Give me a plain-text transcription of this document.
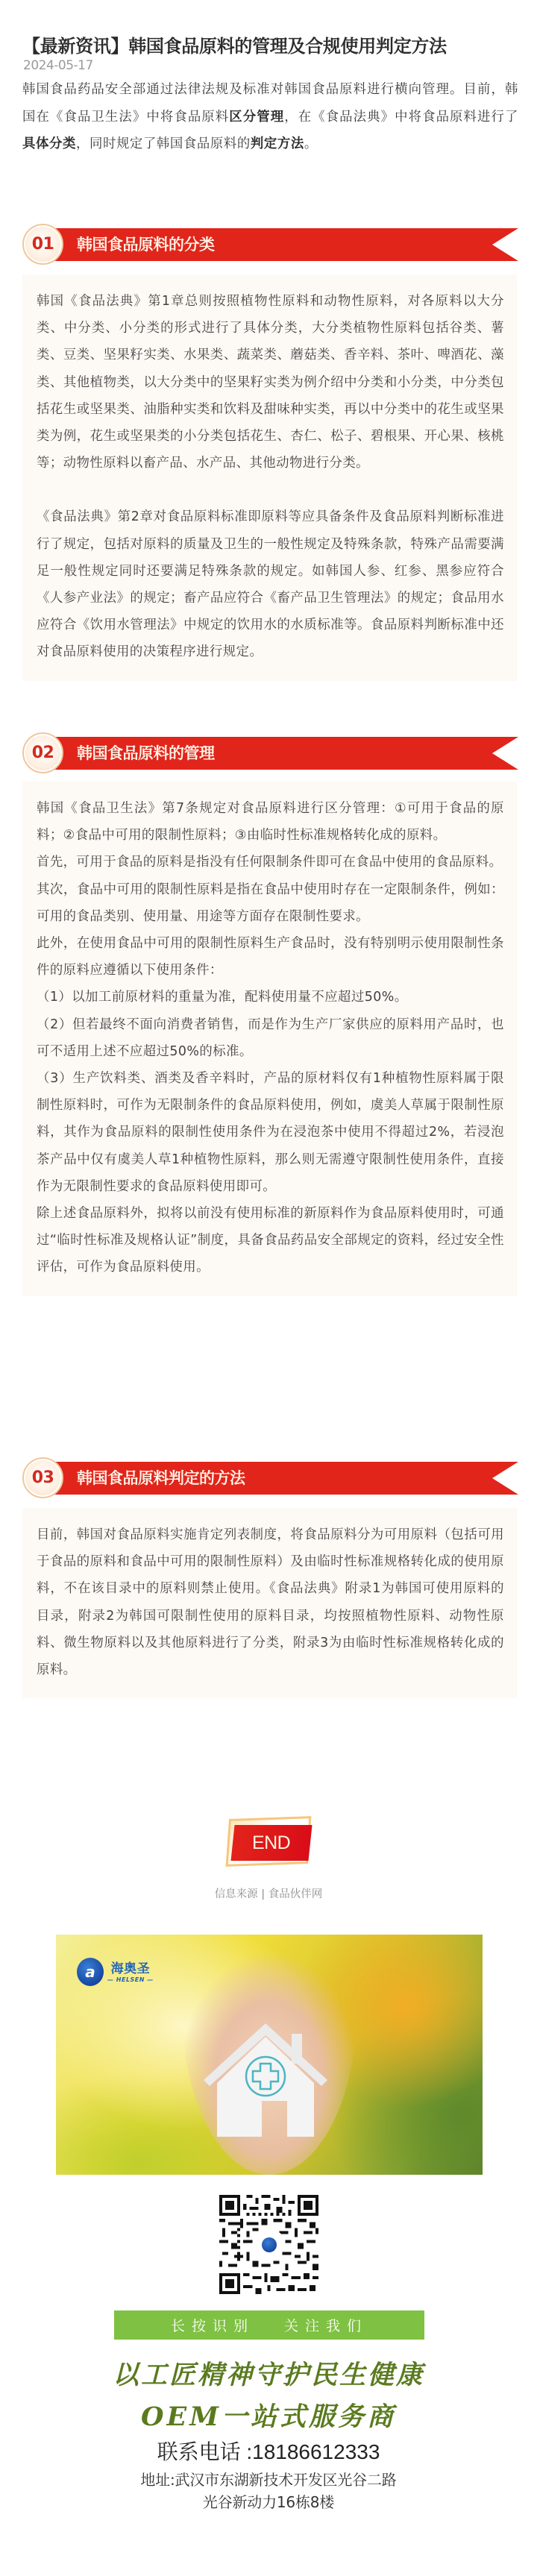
【最新资讯】韩国食品原料的管理及合规使用判定方法
2024-05-17

韩国食品药品安全部通过法律法规及标准对韩国食品原料进行横向管理。目前，韩国在《食品卫生法》中将食品原料区分管理，在《食品法典》中将食品原料进行了具体分类，同时规定了韩国食品原料的判定方法。

01 韩国食品原料的分类

韩国《食品法典》第1章总则按照植物性原料和动物性原料，对各原料以大分类、中分类、小分类的形式进行了具体分类，大分类植物性原料包括谷类、薯类、豆类、坚果籽实类、水果类、蔬菜类、蘑菇类、香辛料、茶叶、啤酒花、藻类、其他植物类，以大分类中的坚果籽实类为例介绍中分类和小分类，中分类包括花生或坚果类、油脂种实类和饮料及甜味种实类，再以中分类中的花生或坚果类为例，花生或坚果类的小分类包括花生、杏仁、松子、碧根果、开心果、核桃等；动物性原料以畜产品、水产品、其他动物进行分类。

《食品法典》第2章对食品原料标准即原料等应具备条件及食品原料判断标准进行了规定，包括对原料的质量及卫生的一般性规定及特殊条款，特殊产品需要满足一般性规定同时还要满足特殊条款的规定。如韩国人参、红参、黑参应符合《人参产业法》的规定；畜产品应符合《畜产品卫生管理法》的规定；食品用水应符合《饮用水管理法》中规定的饮用水的水质标准等。食品原料判断标准中还对食品原料使用的决策程序进行规定。

02 韩国食品原料的管理

韩国《食品卫生法》第7条规定对食品原料进行区分管理：①可用于食品的原料；②食品中可用的限制性原料；③由临时性标准规格转化成的原料。

首先，可用于食品的原料是指没有任何限制条件即可在食品中使用的食品原料。

其次，食品中可用的限制性原料是指在食品中使用时存在一定限制条件，例如：可用的食品类别、使用量、用途等方面存在限制性要求。

此外，在使用食品中可用的限制性原料生产食品时，没有特别明示使用限制性条件的原料应遵循以下使用条件：

（1）以加工前原材料的重量为准，配料使用量不应超过50%。

（2）但若最终不面向消费者销售，而是作为生产厂家供应的原料用产品时，也可不适用上述不应超过50%的标准。

（3）生产饮料类、酒类及香辛料时，产品的原材料仅有1种植物性原料属于限制性原料时，可作为无限制条件的食品原料使用，例如，虞美人草属于限制性原料，其作为食品原料的限制性使用条件为在浸泡茶中使用不得超过2%，若浸泡茶产品中仅有虞美人草1种植物性原料，那么则无需遵守限制性使用条件，直接作为无限制性要求的食品原料使用即可。

除上述食品原料外，拟将以前没有使用标准的新原料作为食品原料使用时，可通过“临时性标准及规格认证”制度，具备食品药品安全部规定的资料，经过安全性评估，可作为食品原料使用。

03 韩国食品原料判定的方法

目前，韩国对食品原料实施肯定列表制度，将食品原料分为可用原料（包括可用于食品的原料和食品中可用的限制性原料）及由临时性标准规格转化成的使用原料，不在该目录中的原料则禁止使用。《食品法典》附录1为韩国可使用原料的目录，附录2为韩国可限制性使用的原料目录，均按照植物性原料、动物性原料、微生物原料以及其他原料进行了分类，附录3为由临时性标准规格转化成的原料。

END
信息来源 | 食品伙伴网
a	海奥圣
— HELSEN —
长按识别 关注我们
以工匠精神守护民生健康
OEM一站式服务商
联系电话 :18186612333
地址:武汉市东湖新技术开发区光谷二路
光谷新动力16栋8楼
